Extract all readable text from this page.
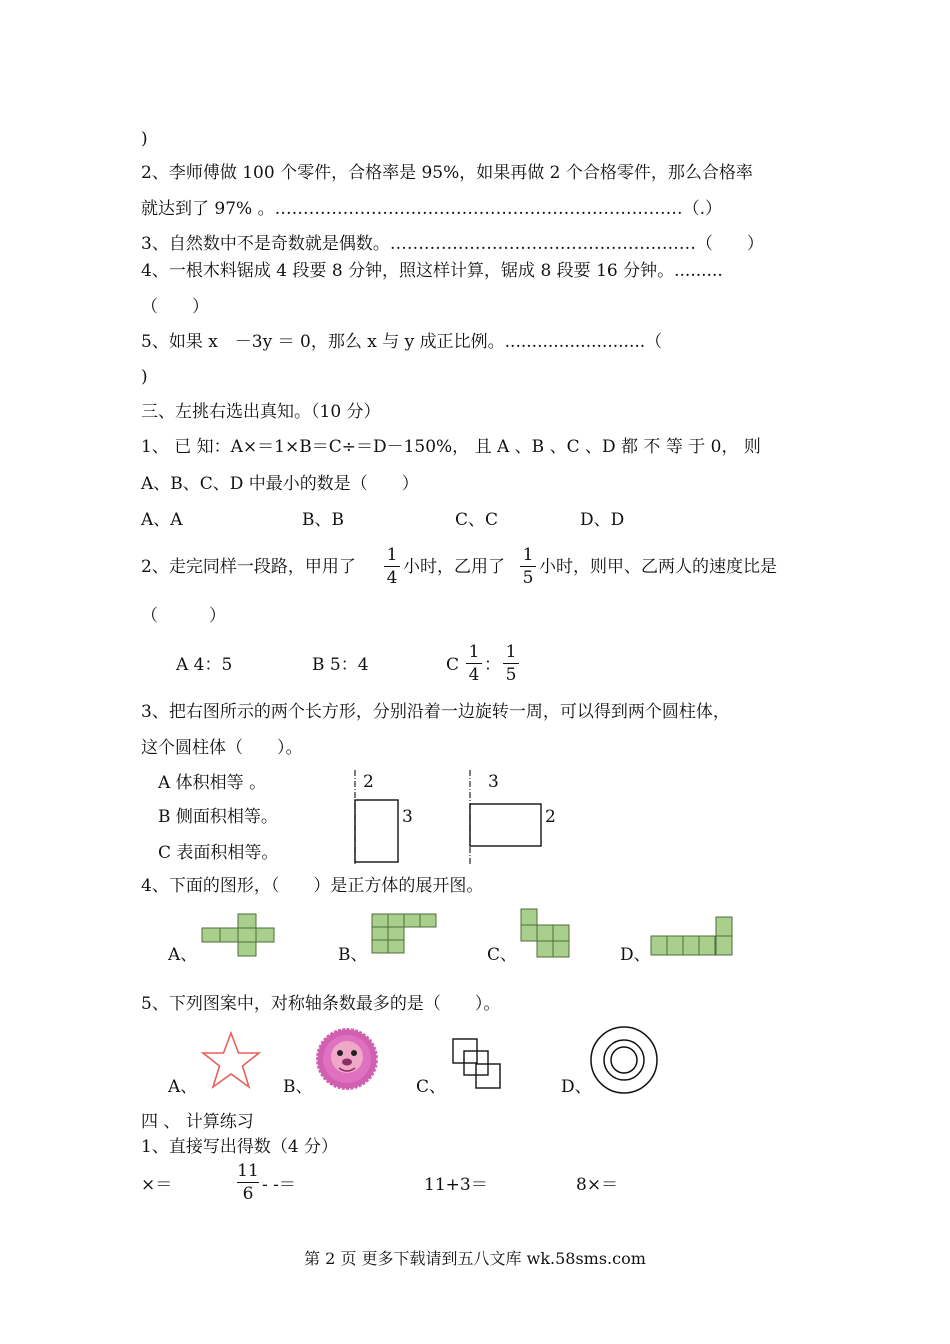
)
2、李师傅做 100 个零件，合格率是 95%，如果再做 2 个合格零件，那么合格率
就达到了 97% 。………………………………………………………………（.）
3、自然数中不是奇数就是偶数。………………………………………………（　　）
4、一根木料锯成 4 段要 8 分钟，照这样计算，锯成 8 段要 16 分钟。.........
（　　）
5、如果 x　－3y ＝ 0，那么 x 与 y 成正比例。..........................（
)
三、左挑右选出真知。（10 分）
1、 已 知：A×＝1×B＝C÷＝D－150%， 且 A 、B 、C 、D 都 不 等 于 0， 则
A、B、C、D 中最小的数是（　　）
A、A	B、B	C、C	D、D
2、走完同样一段路，甲用了
1
4
小时，乙用了
1
5
小时，则甲、乙两人的速度比是
（　　　）
A 4：5	B 5：4	C
1
4 ：
1
5
3、把右图所示的两个长方形，分别沿着一边旋转一周，可以得到两个圆柱体，
这个圆柱体（　　）。
A 体积相等 。
B 侧面积相等。
C 表面积相等。
2
3
3
2
4、下面的图形，（　　）是正方体的展开图。
A、	B、	C、	D、
5、下列图案中，对称轴条数最多的是（　　）。
A、	B、	C、	D、
四 、 计算练习
1、直接写出得数（4 分）
×＝
11
6 - -＝	11+3＝	8×＝
第 2 页 更多下载请到五八文库 wk.58sms.com
